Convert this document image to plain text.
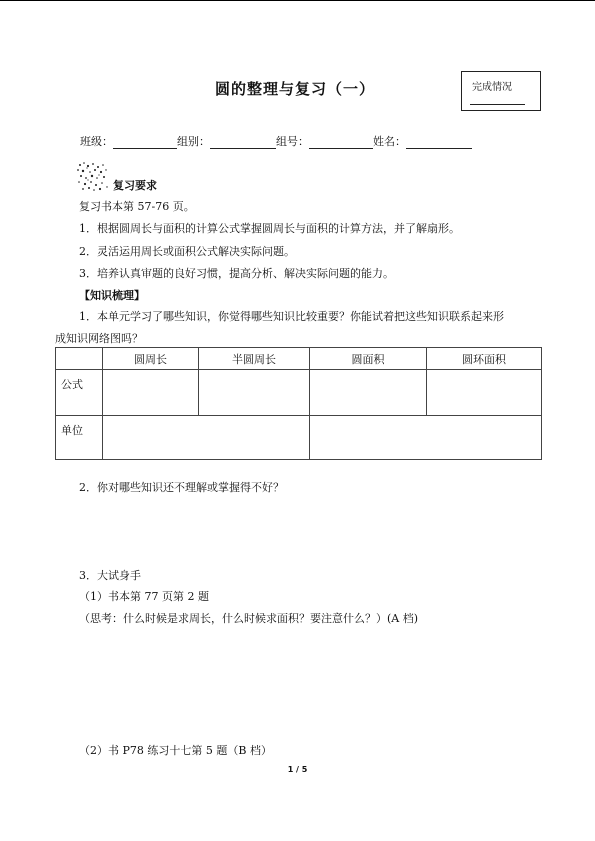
圆的整理与复习（一）	完成情况
班级：	组别：	组号：	姓名：
复习要求
复习书本第 57-76 页。
1．根据圆周长与面积的计算公式掌握圆周长与面积的计算方法，并了解扇形。
2．灵活运用周长或面积公式解决实际问题。
3．培养认真审题的良好习惯，提高分析、解决实际问题的能力。
【知识梳理】
1．本单元学习了哪些知识，你觉得哪些知识比较重要？你能试着把这些知识联系起来形
成知识网络图吗？
	圆周长	半圆周长	圆面积	圆环面积
公式				
单位				
2．你对哪些知识还不理解或掌握得不好？
3．大试身手
（1）书本第 77 页第 2 题
（思考：什么时候是求周长，什么时候求面积？要注意什么？）(A 档)
（2）书 P78 练习十七第 5 题（B 档）
1 / 5
